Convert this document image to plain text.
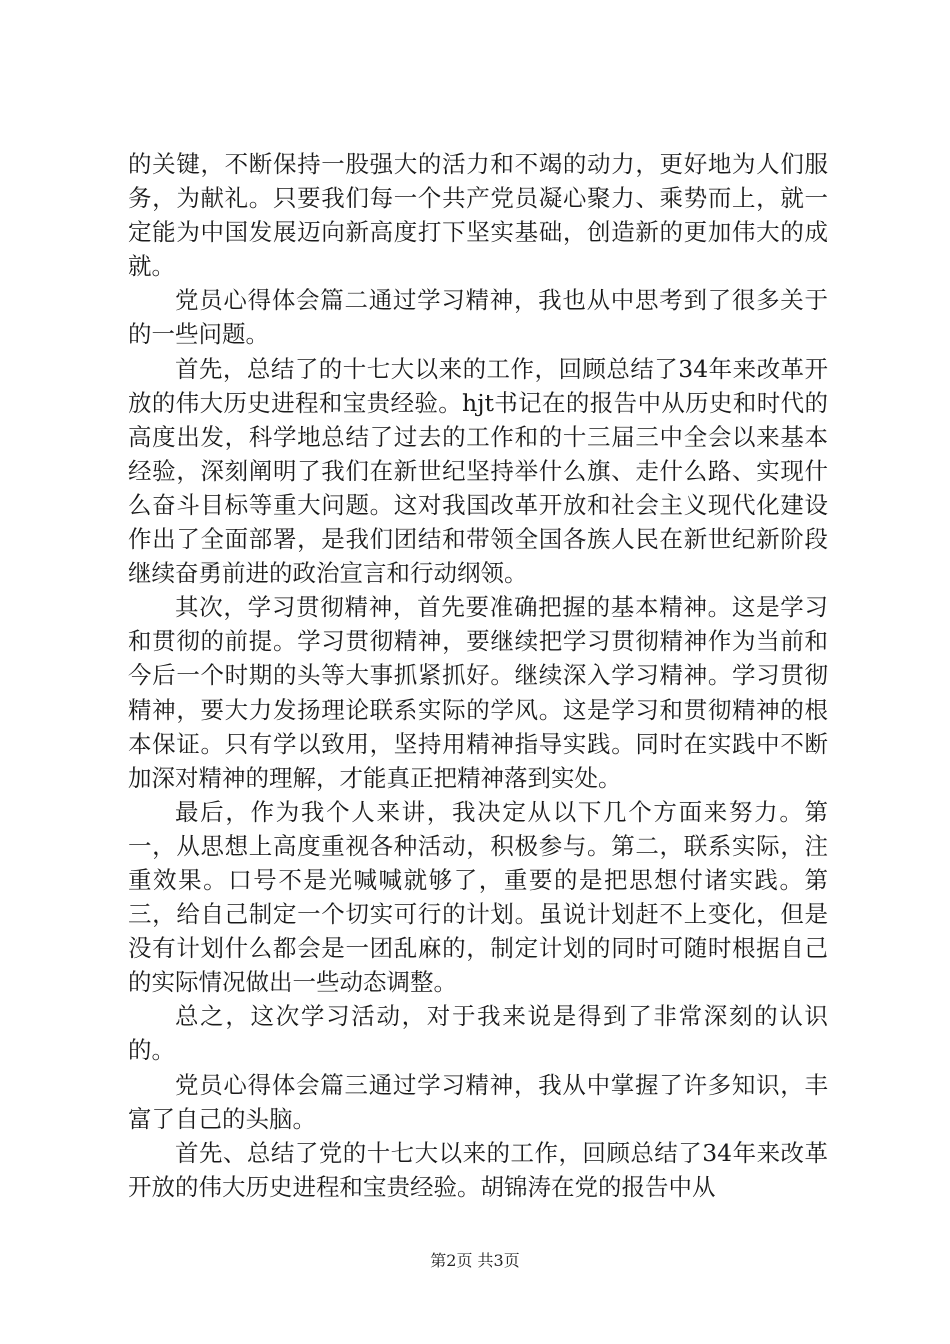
的关键，不断保持一股强大的活力和不竭的动力，更好地为人们服务，为献礼。只要我们每一个共产党员凝心聚力、乘势而上，就一定能为中国发展迈向新高度打下坚实基础，创造新的更加伟大的成就。

党员心得体会篇二通过学习精神，我也从中思考到了很多关于的一些问题。

首先，总结了的十七大以来的工作，回顾总结了34年来改革开放的伟大历史进程和宝贵经验。hjt书记在的报告中从历史和时代的高度出发，科学地总结了过去的工作和的十三届三中全会以来基本经验，深刻阐明了我们在新世纪坚持举什么旗、走什么路、实现什么奋斗目标等重大问题。这对我国改革开放和社会主义现代化建设作出了全面部署，是我们团结和带领全国各族人民在新世纪新阶段继续奋勇前进的政治宣言和行动纲领。

其次，学习贯彻精神，首先要准确把握的基本精神。这是学习和贯彻的前提。学习贯彻精神，要继续把学习贯彻精神作为当前和今后一个时期的头等大事抓紧抓好。继续深入学习精神。学习贯彻精神，要大力发扬理论联系实际的学风。这是学习和贯彻精神的根本保证。只有学以致用，坚持用精神指导实践。同时在实践中不断加深对精神的理解，才能真正把精神落到实处。

最后，作为我个人来讲，我决定从以下几个方面来努力。第一，从思想上高度重视各种活动，积极参与。第二，联系实际，注重效果。口号不是光喊喊就够了，重要的是把思想付诸实践。第三，给自己制定一个切实可行的计划。虽说计划赶不上变化，但是没有计划什么都会是一团乱麻的，制定计划的同时可随时根据自己的实际情况做出一些动态调整。

总之，这次学习活动，对于我来说是得到了非常深刻的认识的。

党员心得体会篇三通过学习精神，我从中掌握了许多知识，丰富了自己的头脑。

首先、总结了党的十七大以来的工作，回顾总结了34年来改革开放的伟大历史进程和宝贵经验。胡锦涛在党的报告中从

第2页 共3页
